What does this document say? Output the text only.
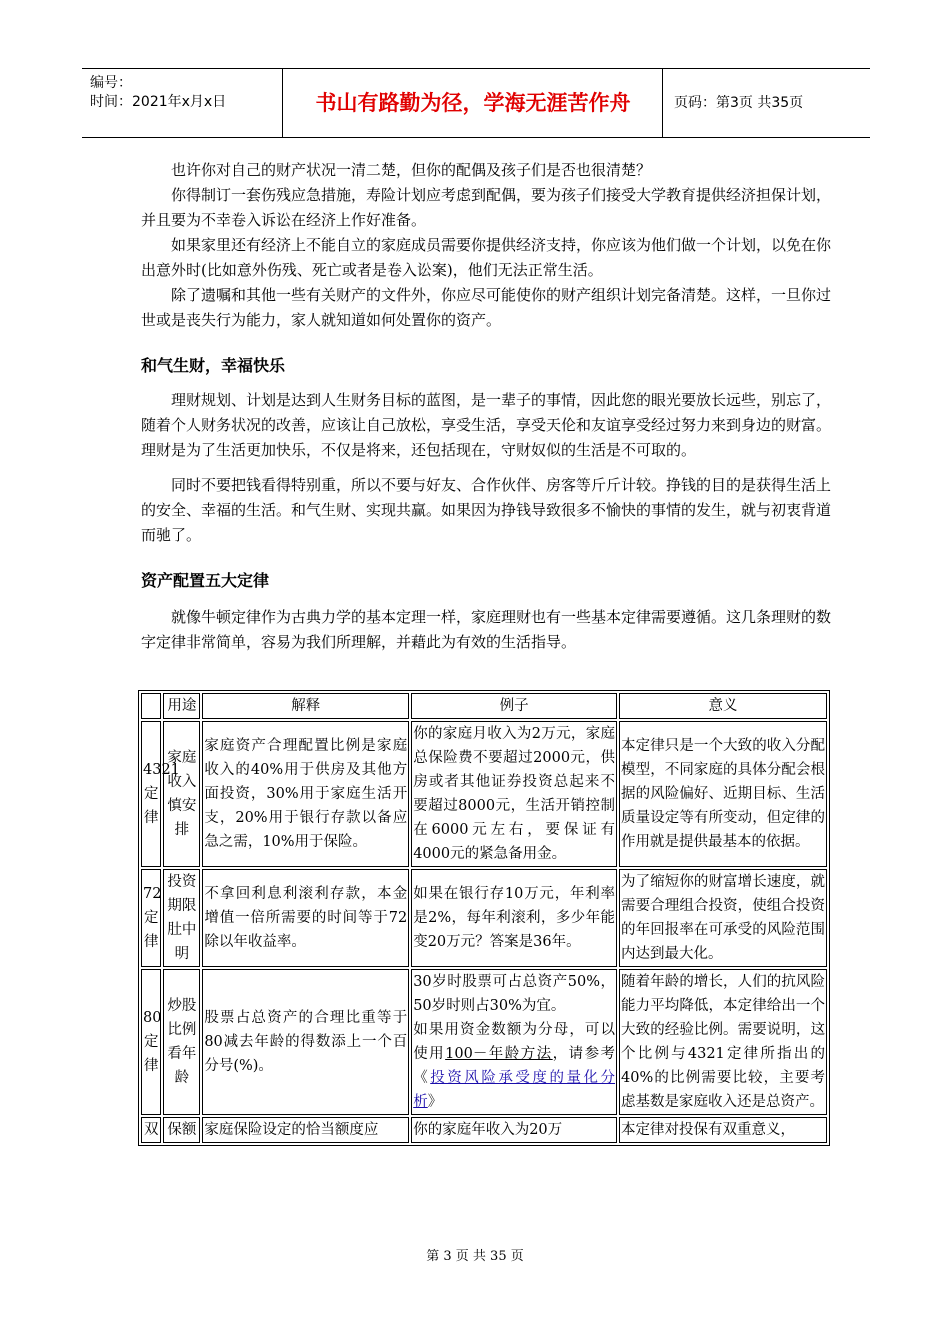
编号：
时间：2021年x月x日	书山有路勤为径，学海无涯苦作舟	页码：第3页 共35页

也许你对自己的财产状况一清二楚，但你的配偶及孩子们是否也很清楚？

你得制订一套伤残应急措施，寿险计划应考虑到配偶，要为孩子们接受大学教育提供经济担保计划，并且要为不幸卷入诉讼在经济上作好准备。

如果家里还有经济上不能自立的家庭成员需要你提供经济支持，你应该为他们做一个计划，以免在你出意外时(比如意外伤残、死亡或者是卷入讼案)，他们无法正常生活。

除了遗嘱和其他一些有关财产的文件外，你应尽可能使你的财产组织计划完备清楚。这样，一旦你过世或是丧失行为能力，家人就知道如何处置你的资产。

和气生财，幸福快乐

理财规划、计划是达到人生财务目标的蓝图，是一辈子的事情，因此您的眼光要放长远些，别忘了，随着个人财务状况的改善，应该让自己放松，享受生活，享受天伦和友谊享受经过努力来到身边的财富。理财是为了生活更加快乐，不仅是将来，还包括现在，守财奴似的生活是不可取的。

同时不要把钱看得特别重，所以不要与好友、合作伙伴、房客等斤斤计较。挣钱的目的是获得生活上的安全、幸福的生活。和气生财、实现共赢。如果因为挣钱导致很多不愉快的事情的发生，就与初衷背道而驰了。

资产配置五大定律

就像牛顿定律作为古典力学的基本定理一样，家庭理财也有一些基本定律需要遵循。这几条理财的数字定律非常简单，容易为我们所理解，并藉此为有效的生活指导。

	用途	解释	例子	意义
4321定律	家庭收入慎安排	家庭资产合理配置比例是家庭收入的40%用于供房及其他方面投资，30%用于家庭生活开支，20%用于银行存款以备应急之需，10%用于保险。	你的家庭月收入为2万元，家庭总保险费不要超过2000元，供房或者其他证券投资总起来不要超过8000元，生活开销控制在6000元左右，要保证有4000元的紧急备用金。	本定律只是一个大致的收入分配模型，不同家庭的具体分配会根据的风险偏好、近期目标、生活质量设定等有所变动，但定律的作用就是提供最基本的依据。
72定律	投资期限肚中明	不拿回利息利滚利存款，本金增值一倍所需要的时间等于72除以年收益率。	如果在银行存10万元，年利率是2%，每年利滚利，多少年能变20万元？答案是36年。	为了缩短你的财富增长速度，就需要合理组合投资，使组合投资的年回报率在可承受的风险范围内达到最大化。
80定律	炒股比例看年龄	股票占总资产的合理比重等于80减去年龄的得数添上一个百分号(%)。	30岁时股票可占总资产50%，50岁时则占30%为宜。
如果用资金数额为分母，可以使用100－年龄方法，请参考《投资风险承受度的量化分析》	随着年龄的增长，人们的抗风险能力平均降低，本定律给出一个大致的经验比例。需要说明，这个比例与4321定律所指出的40%的比例需要比较，主要考虑基数是家庭收入还是总资产。
双	保额	家庭保险设定的恰当额度应	你的家庭年收入为20万	本定律对投保有双重意义，
第 3 页 共 35 页
